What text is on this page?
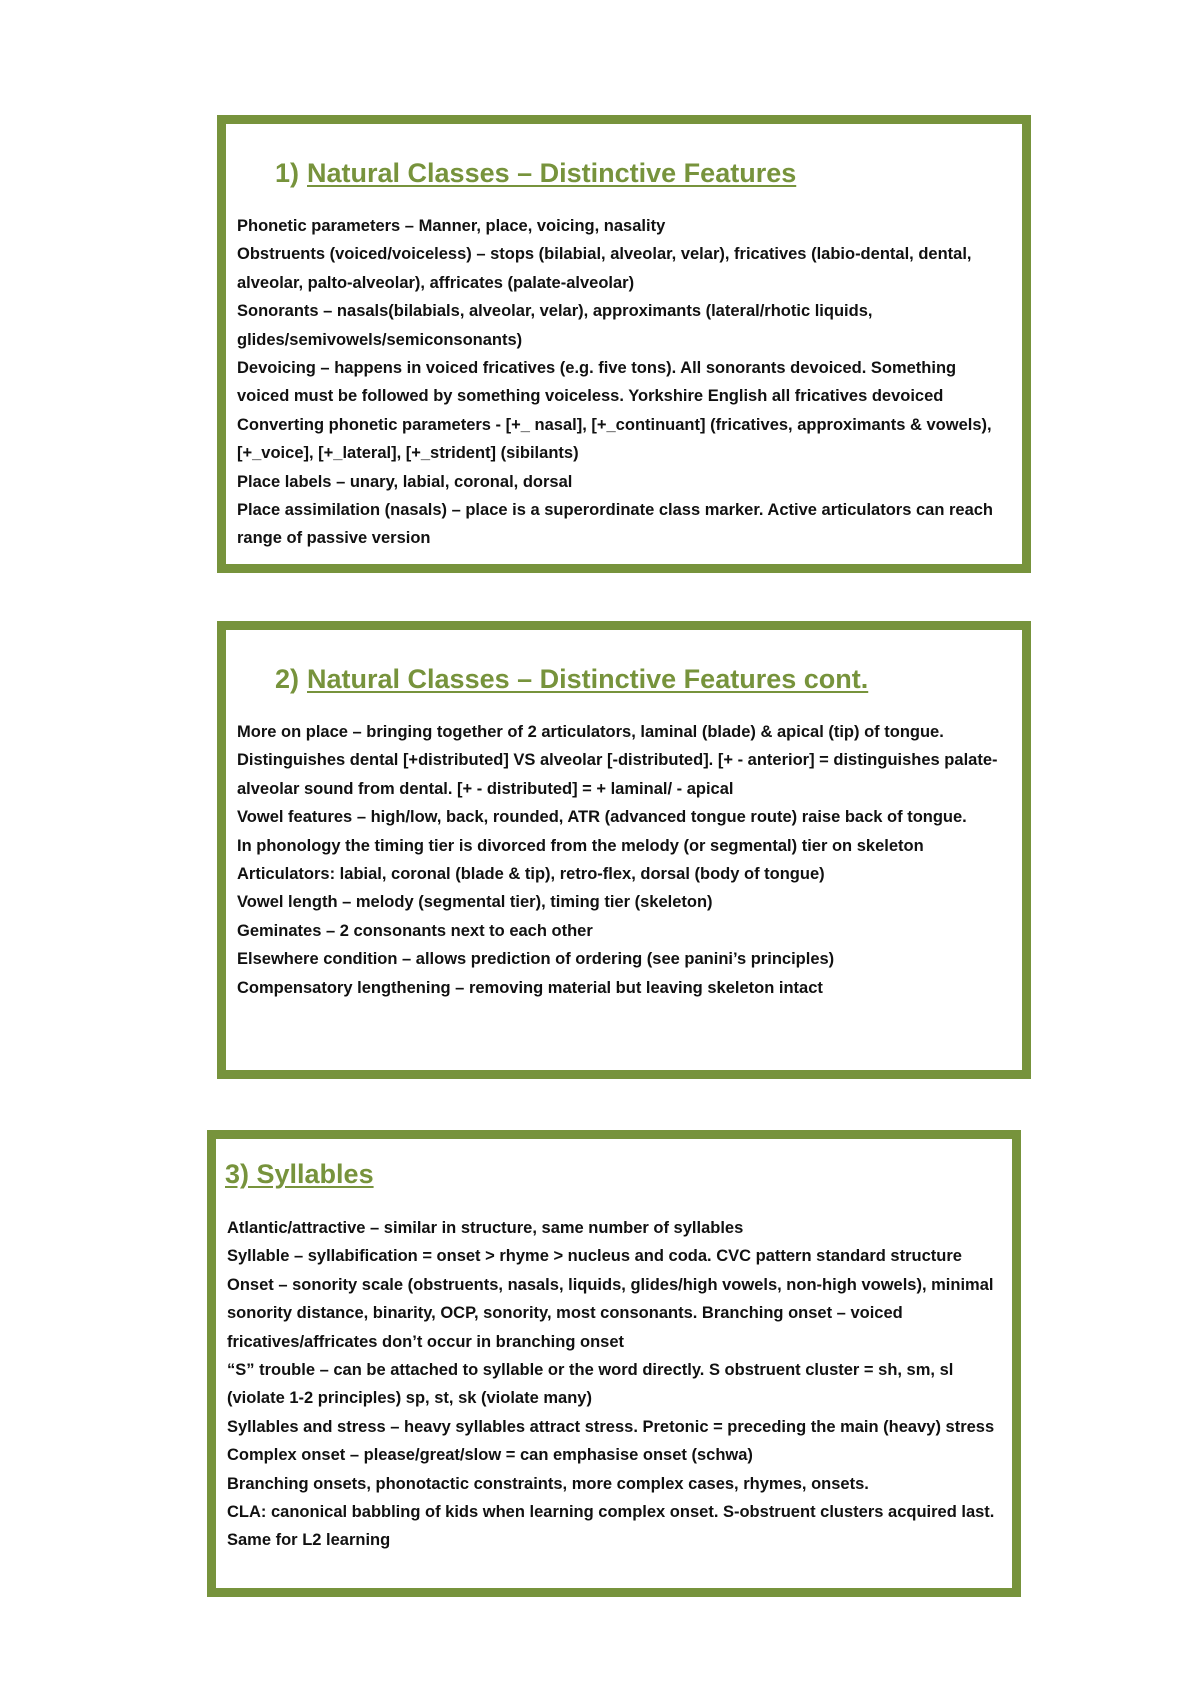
1) Natural Classes – Distinctive Features

Phonetic parameters – Manner, place, voicing, nasality

Obstruents (voiced/voiceless) – stops (bilabial, alveolar, velar), fricatives (labio-dental, dental, alveolar, palto-alveolar), affricates (palate-alveolar)

Sonorants – nasals(bilabials, alveolar, velar), approximants (lateral/rhotic liquids, glides/semivowels/semiconsonants)

Devoicing – happens in voiced fricatives (e.g. five tons). All sonorants devoiced. Something voiced must be followed by something voiceless. Yorkshire English all fricatives devoiced

Converting phonetic parameters - [+_ nasal], [+_continuant] (fricatives, approximants & vowels), [+_voice], [+_lateral], [+_strident] (sibilants)

Place labels – unary, labial, coronal, dorsal

Place assimilation (nasals) – place is a superordinate class marker. Active articulators can reach range of passive version

2) Natural Classes – Distinctive Features cont.

More on place – bringing together of 2 articulators, laminal (blade) & apical (tip) of tongue. Distinguishes dental [+distributed] VS alveolar [-distributed]. [+ - anterior] = distinguishes palate-alveolar sound from dental. [+ - distributed] = + laminal/ - apical

Vowel features – high/low, back, rounded, ATR (advanced tongue route) raise back of tongue.

In phonology the timing tier is divorced from the melody (or segmental) tier on skeleton

Articulators: labial, coronal (blade & tip), retro-flex, dorsal (body of tongue)

Vowel length – melody (segmental tier), timing tier (skeleton)

Geminates – 2 consonants next to each other

Elsewhere condition – allows prediction of ordering (see panini’s principles)

Compensatory lengthening – removing material but leaving skeleton intact

3) Syllables

Atlantic/attractive – similar in structure, same number of syllables

Syllable – syllabification = onset > rhyme > nucleus and coda. CVC pattern standard structure

Onset – sonority scale (obstruents, nasals, liquids, glides/high vowels, non-high vowels), minimal sonority distance, binarity, OCP, sonority, most consonants. Branching onset – voiced fricatives/affricates don’t occur in branching onset

“S” trouble – can be attached to syllable or the word directly. S obstruent cluster = sh, sm, sl (violate 1-2 principles) sp, st, sk (violate many)

Syllables and stress – heavy syllables attract stress. Pretonic = preceding the main (heavy) stress

Complex onset – please/great/slow = can emphasise onset (schwa)

Branching onsets, phonotactic constraints, more complex cases, rhymes, onsets.

CLA: canonical babbling of kids when learning complex onset. S-obstruent clusters acquired last. Same for L2 learning
